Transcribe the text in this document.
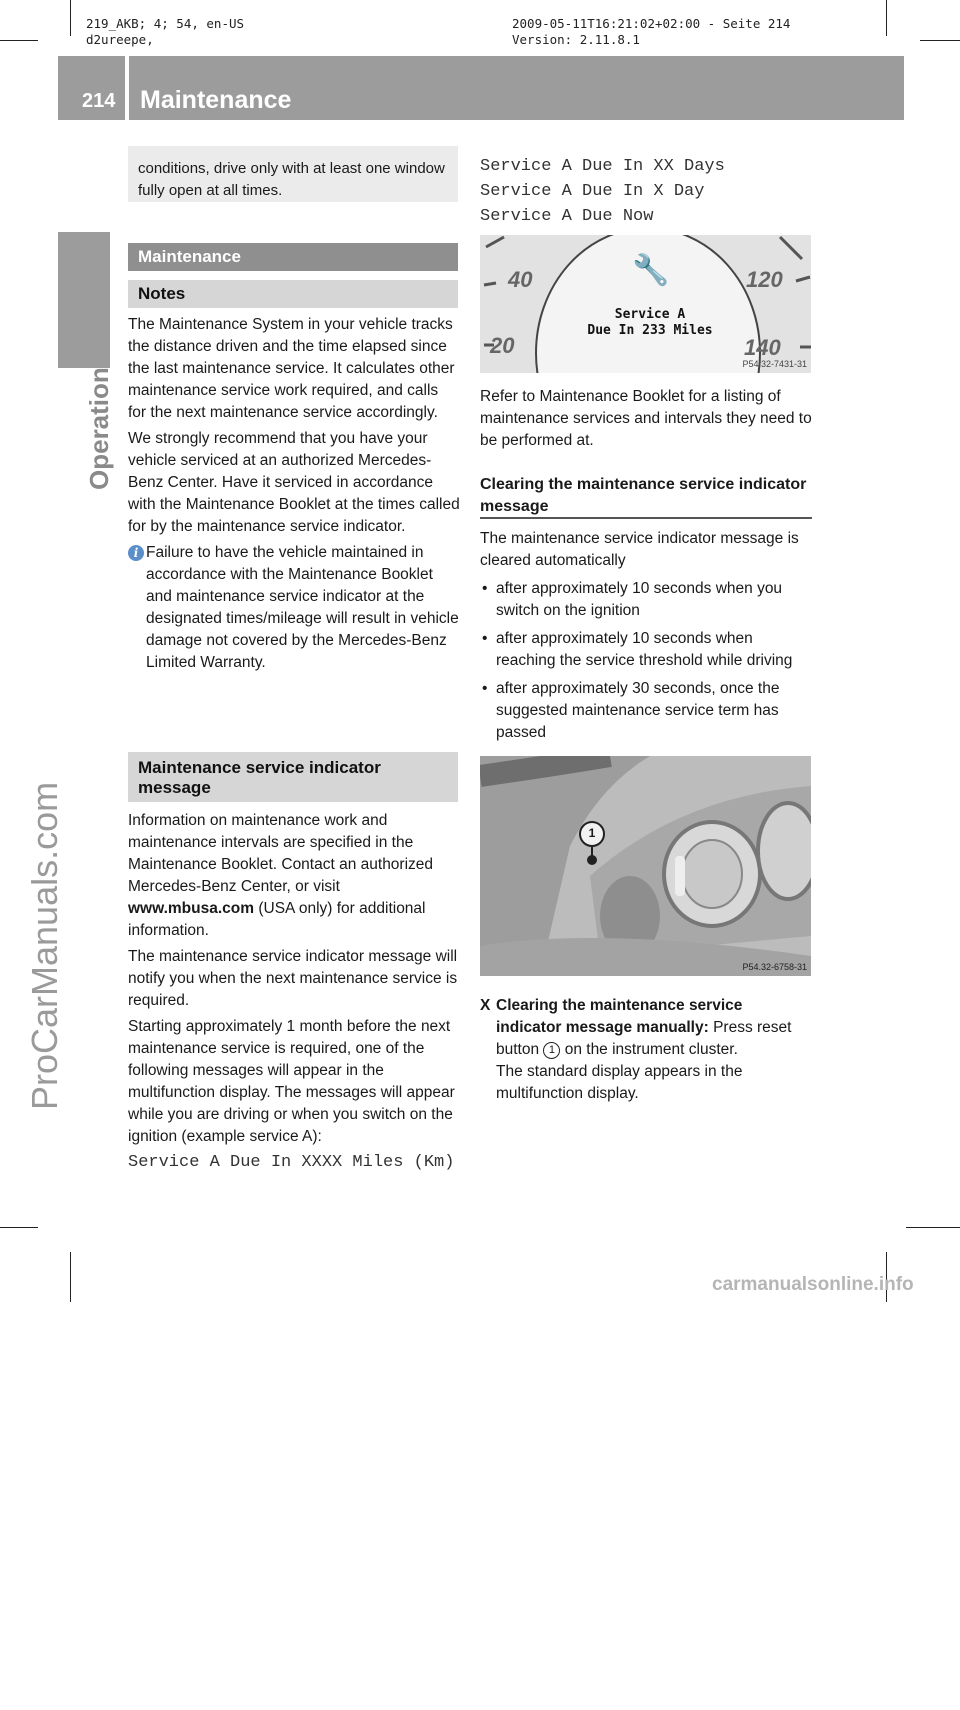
219_AKB; 4; 54, en-US
d2ureepe,
2009-05-11T16:21:02+02:00 - Seite 214
Version: 2.11.8.1
214 Maintenance
Operation
ProCarManuals.com
carmanualsonline.info
conditions, drive only with at least one window fully open at all times.
Maintenance
Notes

The Maintenance System in your vehicle tracks the distance driven and the time elapsed since the last maintenance service. It calculates other maintenance service work required, and calls for the next maintenance service accordingly.

We strongly recommend that you have your vehicle serviced at an authorized Mercedes-Benz Center. Have it serviced in accordance with the Maintenance Booklet at the times called for by the maintenance service indicator.

i Failure to have the vehicle maintained in accordance with the Maintenance Booklet and maintenance service indicator at the designated times/mileage will result in vehicle damage not covered by the Mercedes-Benz Limited Warranty.

Maintenance service indicator message

Information on maintenance work and maintenance intervals are specified in the Maintenance Booklet. Contact an authorized Mercedes-Benz Center, or visit www.mbusa.com (USA only) for additional information.

The maintenance service indicator message will notify you when the next maintenance service is required.

Starting approximately 1 month before the next maintenance service is required, one of the following messages will appear in the multifunction display. The messages will appear while you are driving or when you switch on the ignition (example service A):

Service A Due In XXXX Miles (Km)

Service A Due In XX Days

Service A Due In X Day

Service A Due Now

40	120
20	140
🔧
Service A
Due In 233 Miles
P54.32-7431-31
Refer to Maintenance Booklet for a listing of maintenance services and intervals they need to be performed at.
Clearing the maintenance service indicator message

The maintenance service indicator message is cleared automatically

• after approximately 10 seconds when you switch on the ignition

• after approximately 10 seconds when reaching the service threshold while driving

• after approximately 30 seconds, once the suggested maintenance service term has passed

1
P54.32-6758-31
X Clearing the maintenance service indicator message manually: Press reset button 1 on the instrument cluster.

The standard display appears in the multifunction display.
